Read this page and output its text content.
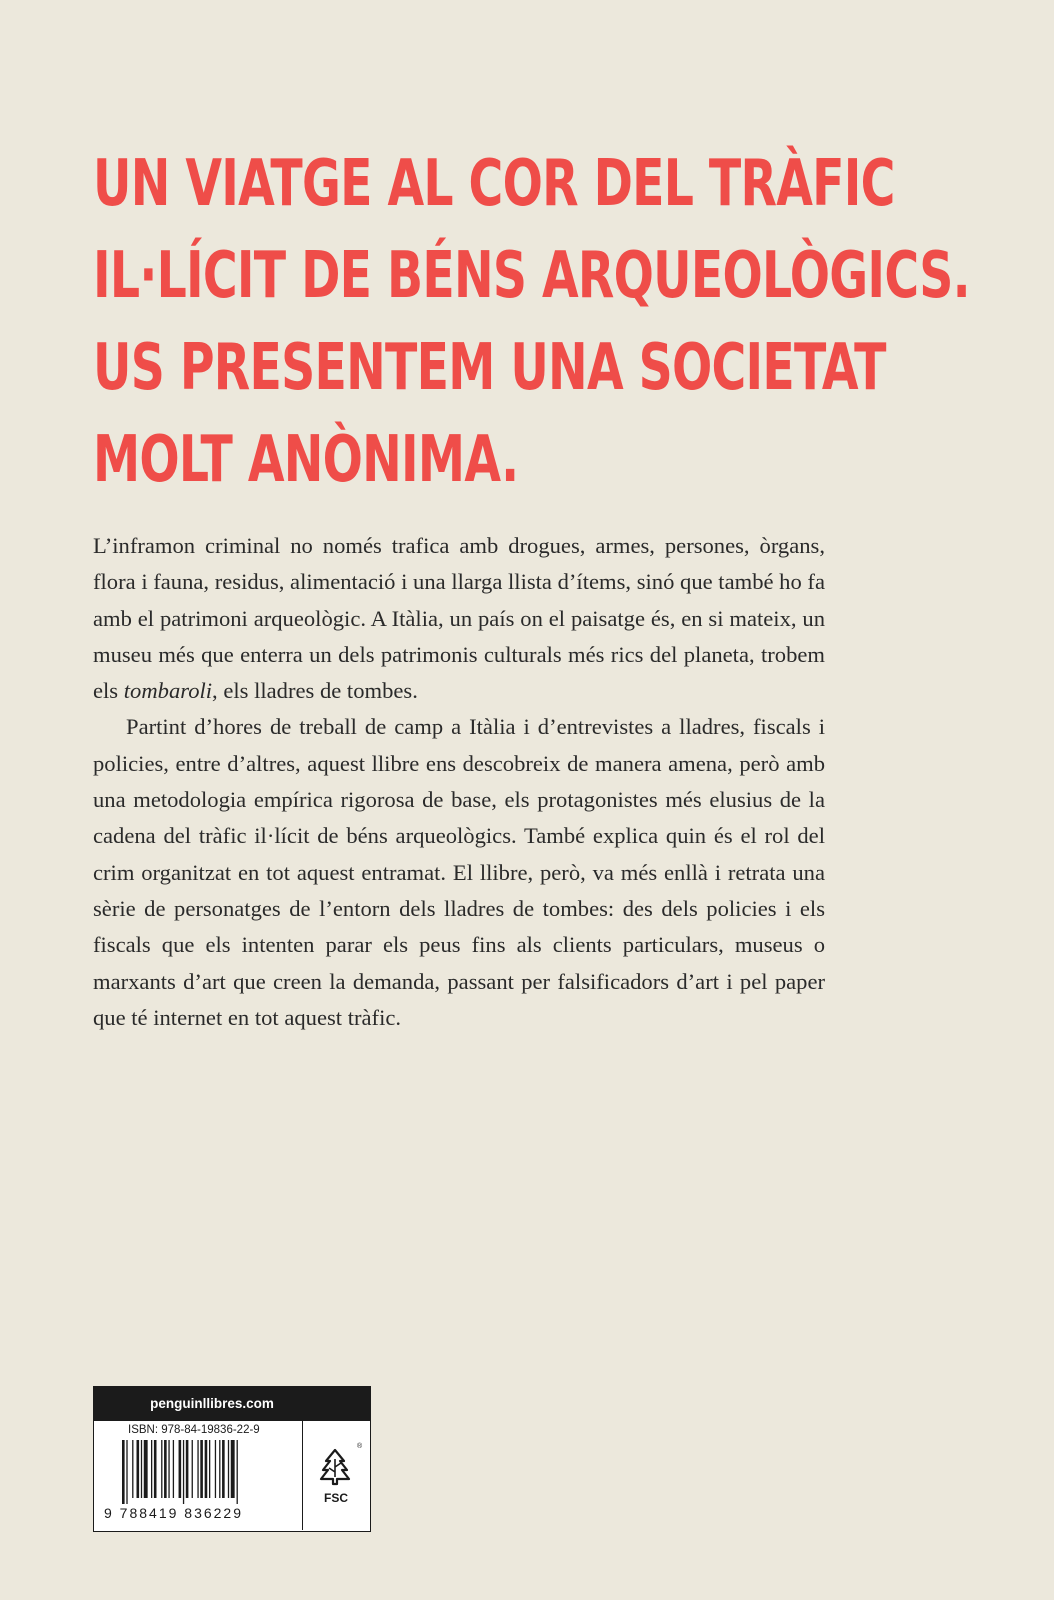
UN VIATGE AL COR DEL TRÀFIC
IL·LÍCIT DE BÉNS ARQUEOLÒGICS.
US PRESENTEM UNA SOCIETAT
MOLT ANÒNIMA.

L’inframon criminal no només trafica amb drogues, armes, persones, òrgans, flora i fauna, residus, alimentació i una llarga llista d’ítems, sinó que també ho fa amb el patrimoni arqueològic. A Itàlia, un país on el paisatge és, en si mateix, un museu més que enterra un dels patrimonis culturals més rics del planeta, trobem els tombaroli, els lladres de tombes.

Partint d’hores de treball de camp a Itàlia i d’entrevistes a lladres, fiscals i policies, entre d’altres, aquest llibre ens descobreix de manera amena, però amb una metodologia empírica rigorosa de base, els protagonistes més elusius de la cadena del tràfic il·lícit de béns arqueològics. També explica quin és el rol del crim organitzat en tot aquest entramat. El llibre, però, va més enllà i retrata una sèrie de personatges de l’entorn dels lladres de tombes: des dels policies i els fiscals que els intenten parar els peus fins als clients particulars, museus o marxants d’art que creen la demanda, passant per falsificadors d’art i pel paper que té internet en tot aquest tràfic.

penguinllibres.com
ISBN: 978-84-19836-22-9
9 788419 836229
®
FSC
